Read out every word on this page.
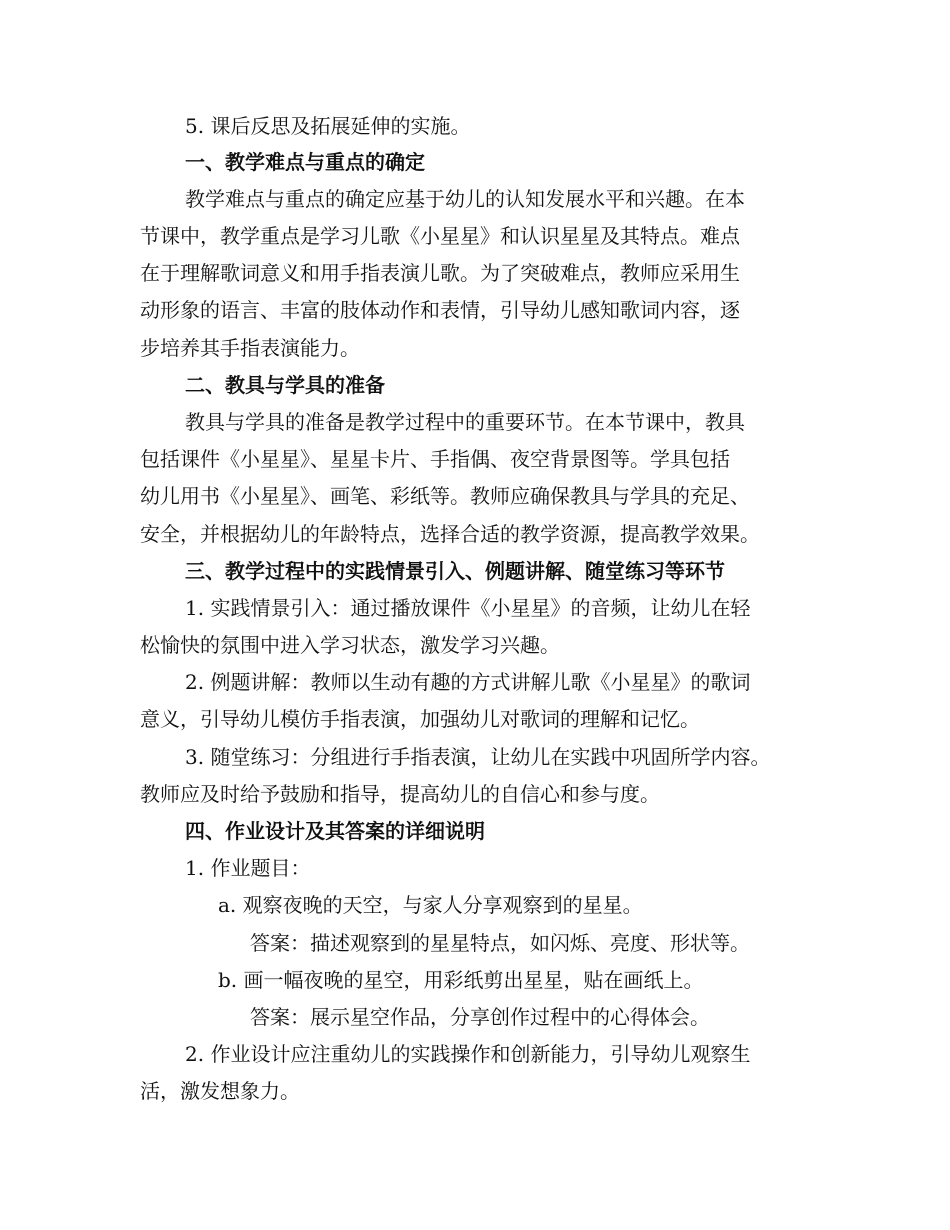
5. 课后反思及拓展延伸的实施。
一、教学难点与重点的确定
教学难点与重点的确定应基于幼儿的认知发展水平和兴趣。在本
节课中，教学重点是学习儿歌《小星星》和认识星星及其特点。难点
在于理解歌词意义和用手指表演儿歌。为了突破难点，教师应采用生
动形象的语言、丰富的肢体动作和表情，引导幼儿感知歌词内容，逐
步培养其手指表演能力。
二、教具与学具的准备
教具与学具的准备是教学过程中的重要环节。在本节课中，教具
包括课件《小星星》、星星卡片、手指偶、夜空背景图等。学具包括
幼儿用书《小星星》、画笔、彩纸等。教师应确保教具与学具的充足、
安全，并根据幼儿的年龄特点，选择合适的教学资源，提高教学效果。
三、教学过程中的实践情景引入、例题讲解、随堂练习等环节
1. 实践情景引入：通过播放课件《小星星》的音频，让幼儿在轻
松愉快的氛围中进入学习状态，激发学习兴趣。
2. 例题讲解：教师以生动有趣的方式讲解儿歌《小星星》的歌词
意义，引导幼儿模仿手指表演，加强幼儿对歌词的理解和记忆。
3. 随堂练习：分组进行手指表演，让幼儿在实践中巩固所学内容。
教师应及时给予鼓励和指导，提高幼儿的自信心和参与度。
四、作业设计及其答案的详细说明
1. 作业题目：
a. 观察夜晚的天空，与家人分享观察到的星星。
答案：描述观察到的星星特点，如闪烁、亮度、形状等。
b. 画一幅夜晚的星空，用彩纸剪出星星，贴在画纸上。
答案：展示星空作品，分享创作过程中的心得体会。
2. 作业设计应注重幼儿的实践操作和创新能力，引导幼儿观察生
活，激发想象力。
